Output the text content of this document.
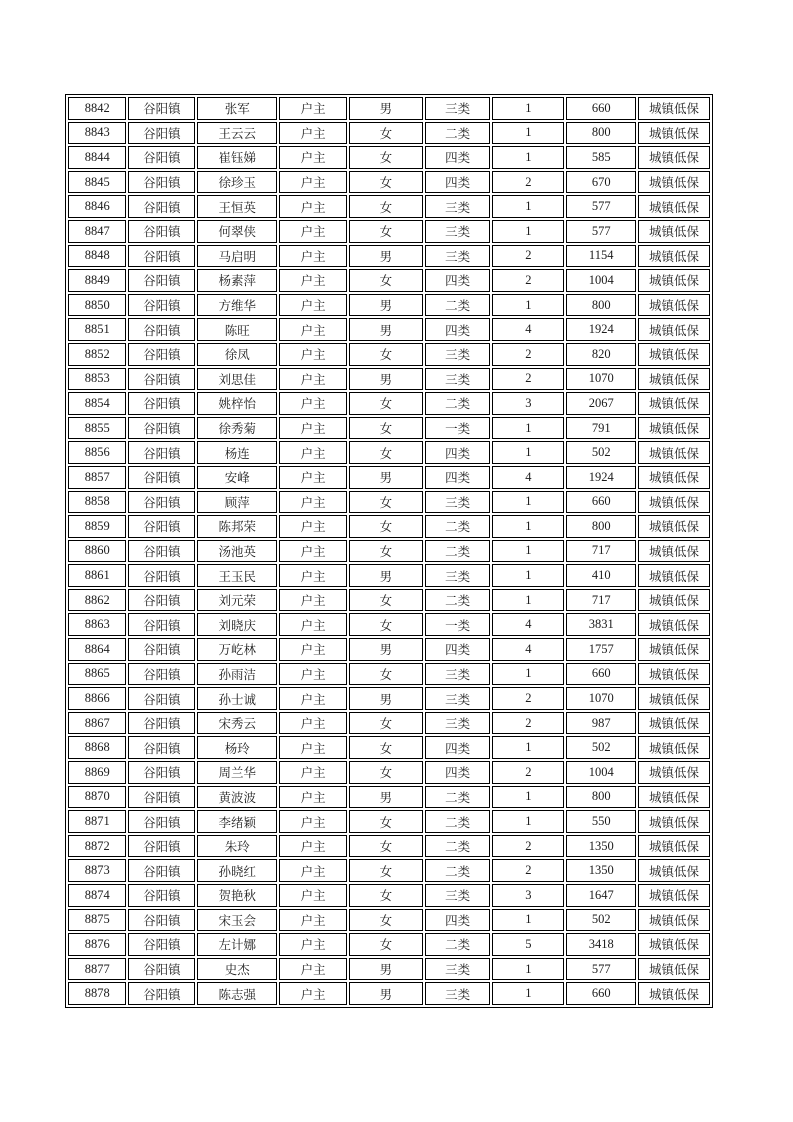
8842	谷阳镇	张军	户主	男	三类	1	660	城镇低保
8843	谷阳镇	王云云	户主	女	二类	1	800	城镇低保
8844	谷阳镇	崔钰娣	户主	女	四类	1	585	城镇低保
8845	谷阳镇	徐珍玉	户主	女	四类	2	670	城镇低保
8846	谷阳镇	王恒英	户主	女	三类	1	577	城镇低保
8847	谷阳镇	何翠侠	户主	女	三类	1	577	城镇低保
8848	谷阳镇	马启明	户主	男	三类	2	1154	城镇低保
8849	谷阳镇	杨素萍	户主	女	四类	2	1004	城镇低保
8850	谷阳镇	方维华	户主	男	二类	1	800	城镇低保
8851	谷阳镇	陈旺	户主	男	四类	4	1924	城镇低保
8852	谷阳镇	徐凤	户主	女	三类	2	820	城镇低保
8853	谷阳镇	刘思佳	户主	男	三类	2	1070	城镇低保
8854	谷阳镇	姚梓怡	户主	女	二类	3	2067	城镇低保
8855	谷阳镇	徐秀菊	户主	女	一类	1	791	城镇低保
8856	谷阳镇	杨连	户主	女	四类	1	502	城镇低保
8857	谷阳镇	安峰	户主	男	四类	4	1924	城镇低保
8858	谷阳镇	顾萍	户主	女	三类	1	660	城镇低保
8859	谷阳镇	陈邦荣	户主	女	二类	1	800	城镇低保
8860	谷阳镇	汤池英	户主	女	二类	1	717	城镇低保
8861	谷阳镇	王玉民	户主	男	三类	1	410	城镇低保
8862	谷阳镇	刘元荣	户主	女	二类	1	717	城镇低保
8863	谷阳镇	刘晓庆	户主	女	一类	4	3831	城镇低保
8864	谷阳镇	万屹林	户主	男	四类	4	1757	城镇低保
8865	谷阳镇	孙雨洁	户主	女	三类	1	660	城镇低保
8866	谷阳镇	孙士诚	户主	男	三类	2	1070	城镇低保
8867	谷阳镇	宋秀云	户主	女	三类	2	987	城镇低保
8868	谷阳镇	杨玲	户主	女	四类	1	502	城镇低保
8869	谷阳镇	周兰华	户主	女	四类	2	1004	城镇低保
8870	谷阳镇	黄波波	户主	男	二类	1	800	城镇低保
8871	谷阳镇	李绪颖	户主	女	二类	1	550	城镇低保
8872	谷阳镇	朱玲	户主	女	二类	2	1350	城镇低保
8873	谷阳镇	孙晓红	户主	女	二类	2	1350	城镇低保
8874	谷阳镇	贺艳秋	户主	女	三类	3	1647	城镇低保
8875	谷阳镇	宋玉会	户主	女	四类	1	502	城镇低保
8876	谷阳镇	左计娜	户主	女	二类	5	3418	城镇低保
8877	谷阳镇	史杰	户主	男	三类	1	577	城镇低保
8878	谷阳镇	陈志强	户主	男	三类	1	660	城镇低保
